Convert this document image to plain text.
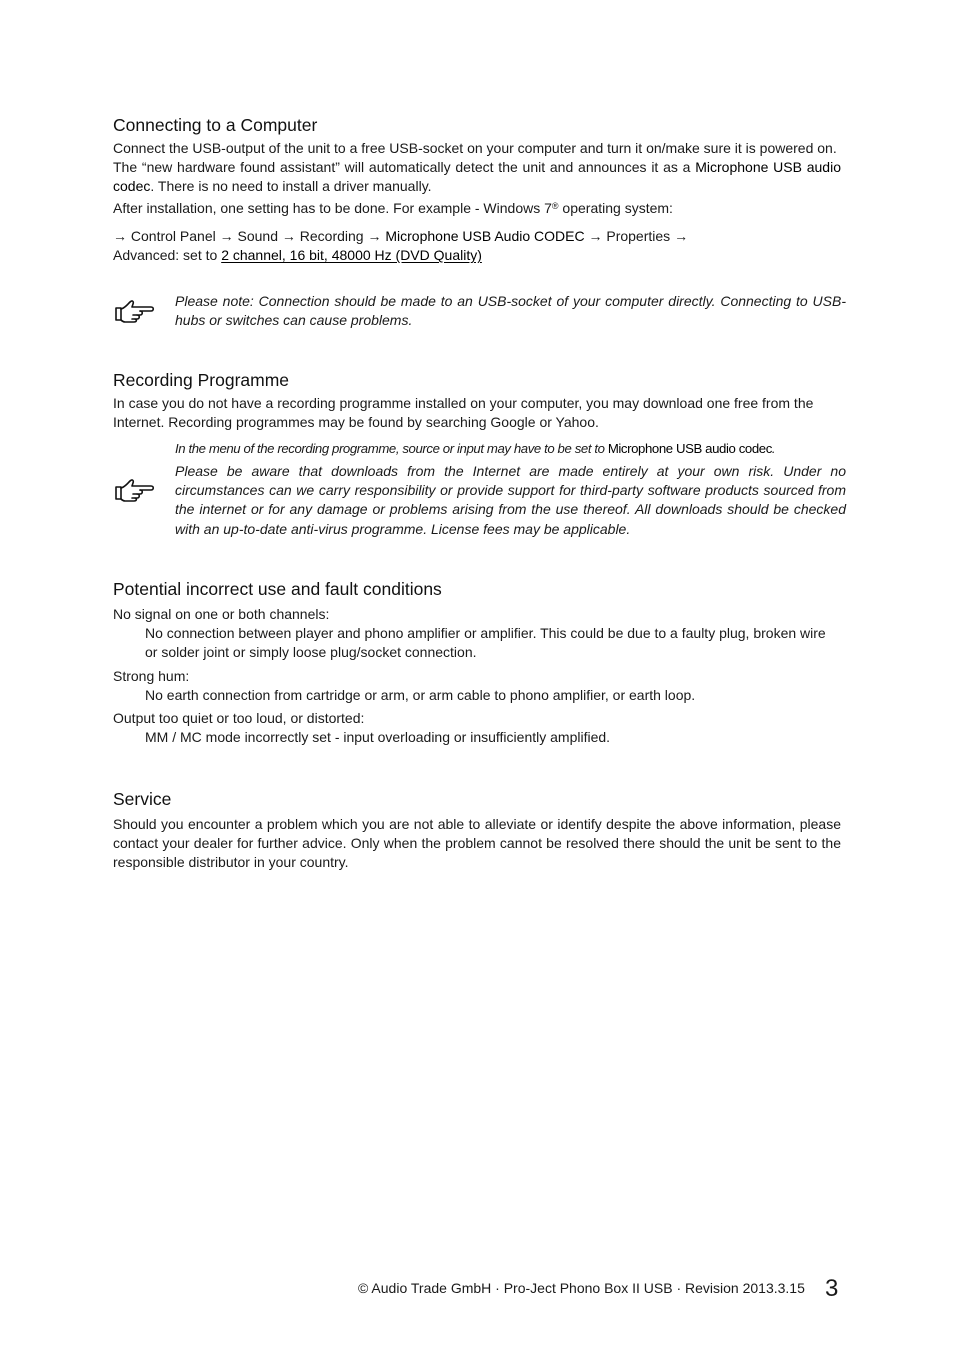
Connecting to a Computer

Connect the USB-output of the unit to a free USB-socket on your computer and turn it on/make sure it is powered on.

The “new hardware found assistant” will automatically detect the unit and announces it as a Microphone USB audio codec. There is no need to install a driver manually.

After installation, one setting has to be done. For example - Windows 7® operating system:

→ Control Panel → Sound → Recording → Microphone USB Audio CODEC → Properties →

Advanced: set to 2 channel, 16 bit, 48000 Hz (DVD Quality)

Please note: Connection should be made to an USB-socket of your computer directly. Connecting to USB-hubs or switches can cause problems.
Recording Programme

In case you do not have a recording programme installed on your computer, you may download one free from the Internet. Recording programmes may be found by searching Google or Yahoo.

In the menu of the recording programme, source or input may have to be set to Microphone USB audio codec.
Please be aware that downloads from the Internet are made entirely at your own risk. Under no circumstances can we carry responsibility or provide support for third-party software products sourced from the internet or for any damage or problems arising from the use thereof. All downloads should be checked with an up-to-date anti-virus programme. License fees may be applicable.
Potential incorrect use and fault conditions

No signal on one or both channels:

No connection between player and phono amplifier or amplifier. This could be due to a faulty plug, broken wire or solder joint or simply loose plug/socket connection.

Strong hum:

No earth connection from cartridge or arm, or arm cable to phono amplifier, or earth loop.

Output too quiet or too loud, or distorted:

MM / MC mode incorrectly set - input overloading or insufficiently amplified.

Service

Should you encounter a problem which you are not able to alleviate or identify despite the above information, please contact your dealer for further advice. Only when the problem cannot be resolved there should the unit be sent to the responsible distributor in your country.

© Audio Trade GmbH · Pro-Ject Phono Box II USB · Revision 2013.3.15 3
